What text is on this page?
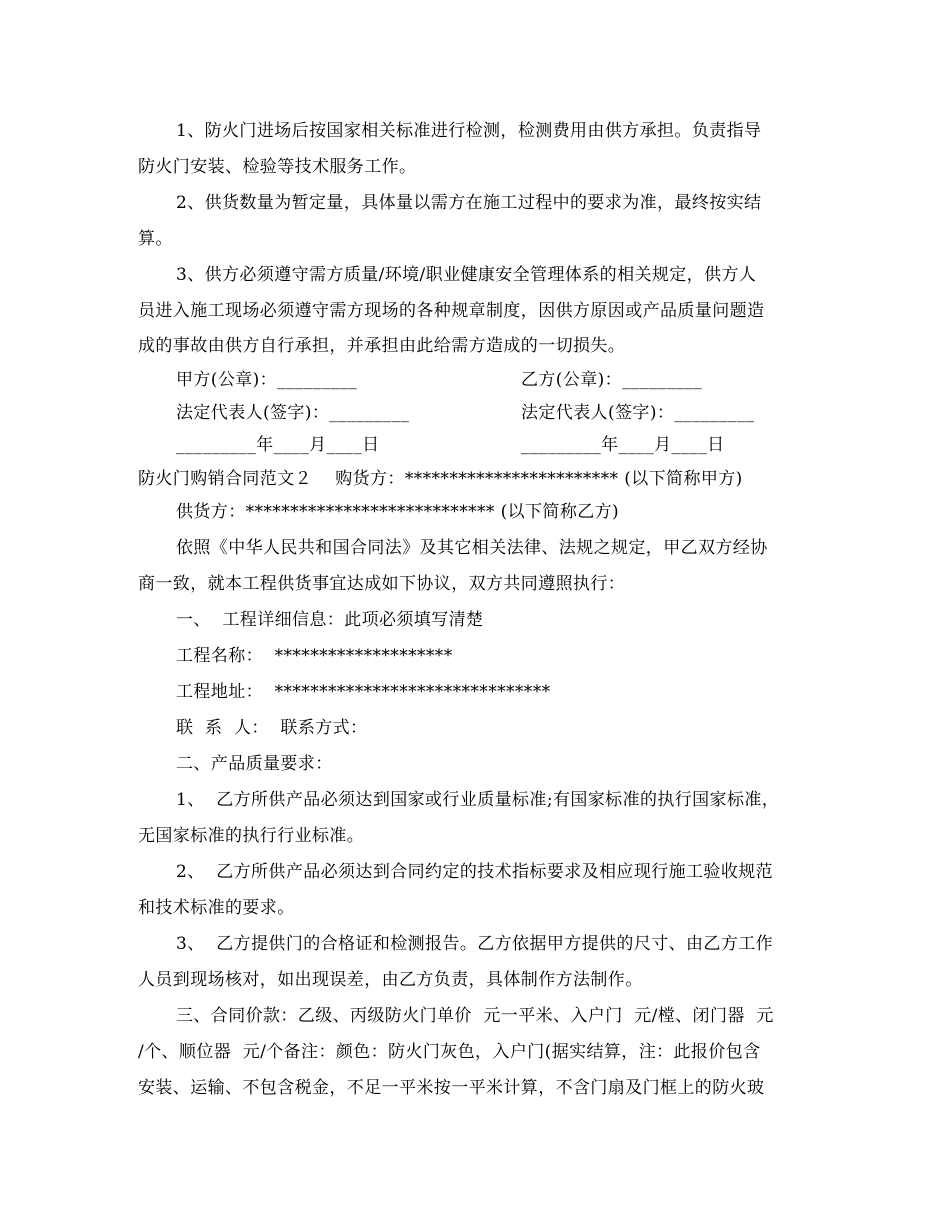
1、防火门进场后按国家相关标准进行检测，检测费用由供方承担。负责指导
防火门安装、检验等技术服务工作。
2、供货数量为暂定量，具体量以需方在施工过程中的要求为准，最终按实结
算。
3、供方必须遵守需方质量/环境/职业健康安全管理体系的相关规定，供方人
员进入施工现场必须遵守需方现场的各种规章制度，因供方原因或产品质量问题造
成的事故由供方自行承担，并承担由此给需方造成的一切损失。
甲方(公章)：_________	乙方(公章)：_________
法定代表人(签字)：_________	法定代表人(签字)：_________
_________年____月____日	_________年____月____日
防火门购销合同范文２    购货方：************************ (以下简称甲方)
供货方：**************************** (以下简称乙方)
依照《中华人民共和国合同法》及其它相关法律、法规之规定，甲乙双方经协
商一致，就本工程供货事宜达成如下协议，双方共同遵照执行：
一、  工程详细信息：此项必须填写清楚
工程名称：  ********************
工程地址：  *******************************
联  系  人：  联系方式：
二、产品质量要求：
1、  乙方所供产品必须达到国家或行业质量标准;有国家标准的执行国家标准，
无国家标准的执行行业标准。
2、  乙方所供产品必须达到合同约定的技术指标要求及相应现行施工验收规范
和技术标准的要求。
3、  乙方提供门的合格证和检测报告。乙方依据甲方提供的尺寸、由乙方工作
人员到现场核对，如出现误差，由乙方负责，具体制作方法制作。
三、合同价款：乙级、丙级防火门单价  元一平米、入户门  元/樘、闭门器  元
/个、顺位器  元/个备注：颜色：防火门灰色，入户门(据实结算，注：此报价包含
安装、运输、不包含税金，不足一平米按一平米计算，不含门扇及门框上的防火玻
